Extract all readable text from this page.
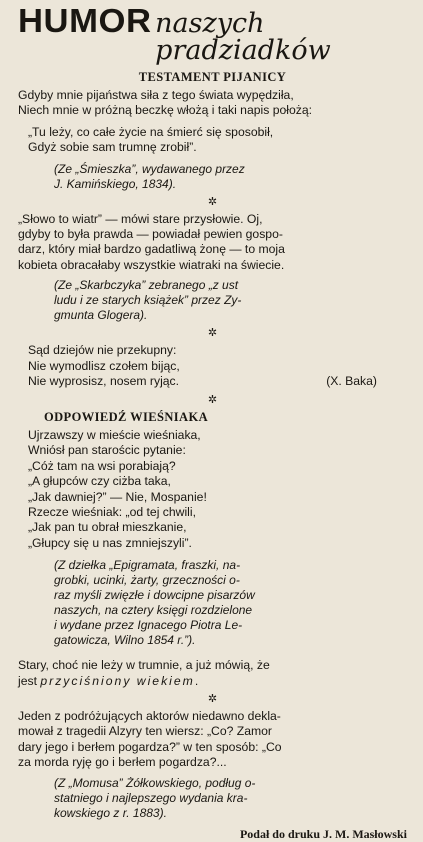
HUMOR naszych pradziadków
TESTAMENT PIJANICY
Gdyby mnie pijaństwa siła z tego świata wypędziła,
Niech mnie w próżną beczkę włożą i taki napis położą:
„Tu leży, co całe życie na śmierć się sposobił,
Gdyż sobie sam trumnę zrobił”.
(Ze „Śmieszka”, wydawanego przez
J. Kamińskiego, 1834).
✲
„Słowo to wiatr” — mówi stare przysłowie. Oj,
gdyby to była prawda — powiadał pewien gospo-
darz, który miał bardzo gadatliwą żonę — to moja
kobieta obracałaby wszystkie wiatraki na świecie.
(Ze „Skarbczyka” zebranego „z ust
ludu i ze starych książek” przez Zy-
gmunta Glogera).
✲
Sąd dziejów nie przekupny:
Nie wymodlisz czołem bijąc,
Nie wyprosisz, nosem ryjąc.	(X. Baka)
✲
ODPOWIEDŹ WIEŚNIAKA
Ujrzawszy w mieście wieśniaka,
Wniósł pan starościc pytanie:
„Cóż tam na wsi porabiają?
„A głupców czy ciżba taka,
„Jak dawniej?” — Nie, Mospanie!
Rzecze wieśniak: „od tej chwili,
„Jak pan tu obrał mieszkanie,
„Głupcy się u nas zmniejszyli”.
(Z dziełka „Epigramata, fraszki, na-
grobki, ucinki, żarty, grzeczności o-
raz myśli zwięzłe i dowcipne pisarzów
naszych, na cztery księgi rozdzielone
i wydane przez Ignacego Piotra Le-
gatowicza, Wilno 1854 r.”).
Stary, choć nie leży w trumnie, a już mówią, że
jest przyciśniony wiekiem.
✲
Jeden z podróżujących aktorów niedawno dekla-
mował z tragedii Alzyry ten wiersz: „Co? Zamor
dary jego i berłem pogardza?” w ten sposób: „Co
za morda ryję go i berłem pogardza?...
(Z „Momusa” Żółkowskiego, podług o-
statniego i najlepszego wydania kra-
kowskiego z r. 1883).
Podał do druku J. M. Masłowski
